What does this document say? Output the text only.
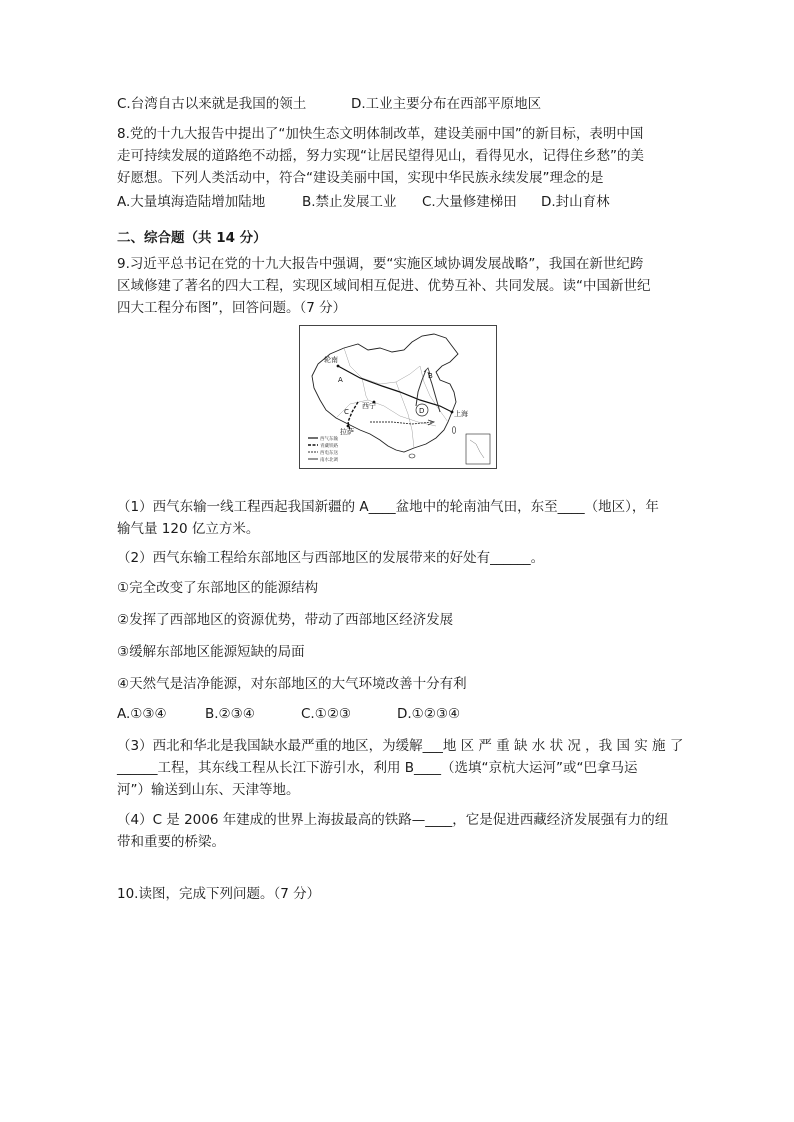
C.台湾自古以来就是我国的领土	D.工业主要分布在西部平原地区
8.党的十九大报告中提出了“加快生态文明体制改革，建设美丽中国”的新目标，表明中国
走可持续发展的道路绝不动摇，努力实现“让居民望得见山，看得见水，记得住乡愁”的美
好愿想。下列人类活动中，符合“建设美丽中国，实现中华民族永续发展”理念的是
A.大量填海造陆增加陆地	B.禁止发展工业 C.大量修建梯田 D.封山育林
二、综合题（共 14 分）
9.习近平总书记在党的十九大报告中强调，要“实施区域协调发展战略”，我国在新世纪跨
区域修建了著名的四大工程，实现区域间相互促进、优势互补、共同发展。读“中国新世纪
四大工程分布图”，回答问题。（7 分）
轮南
A	B
C	D
西宁
拉萨
上海
西气东输
青藏铁路
西电东送
南水北调
（1）西气东输一线工程西起我国新疆的 A____盆地中的轮南油气田，东至____（地区），年
输气量 120 亿立方米。
（2）西气东输工程给东部地区与西部地区的发展带来的好处有______。
①完全改变了东部地区的能源结构
②发挥了西部地区的资源优势，带动了西部地区经济发展
③缓解东部地区能源短缺的局面
④天然气是洁净能源，对东部地区的大气环境改善十分有利
A.①③④	B.②③④	C.①②③	D.①②③④
（3）西北和华北是我国缺水最严重的地区，为缓解___地 区 严 重 缺 水 状 况 ，我 国 实 施 了
______工程，其东线工程从长江下游引水，利用 B____（选填“京杭大运河”或“巴拿马运
河”）输送到山东、天津等地。
（4）C 是 2006 年建成的世界上海拔最高的铁路—____，它是促进西藏经济发展强有力的纽
带和重要的桥梁。
10.读图，完成下列问题。（7 分）
